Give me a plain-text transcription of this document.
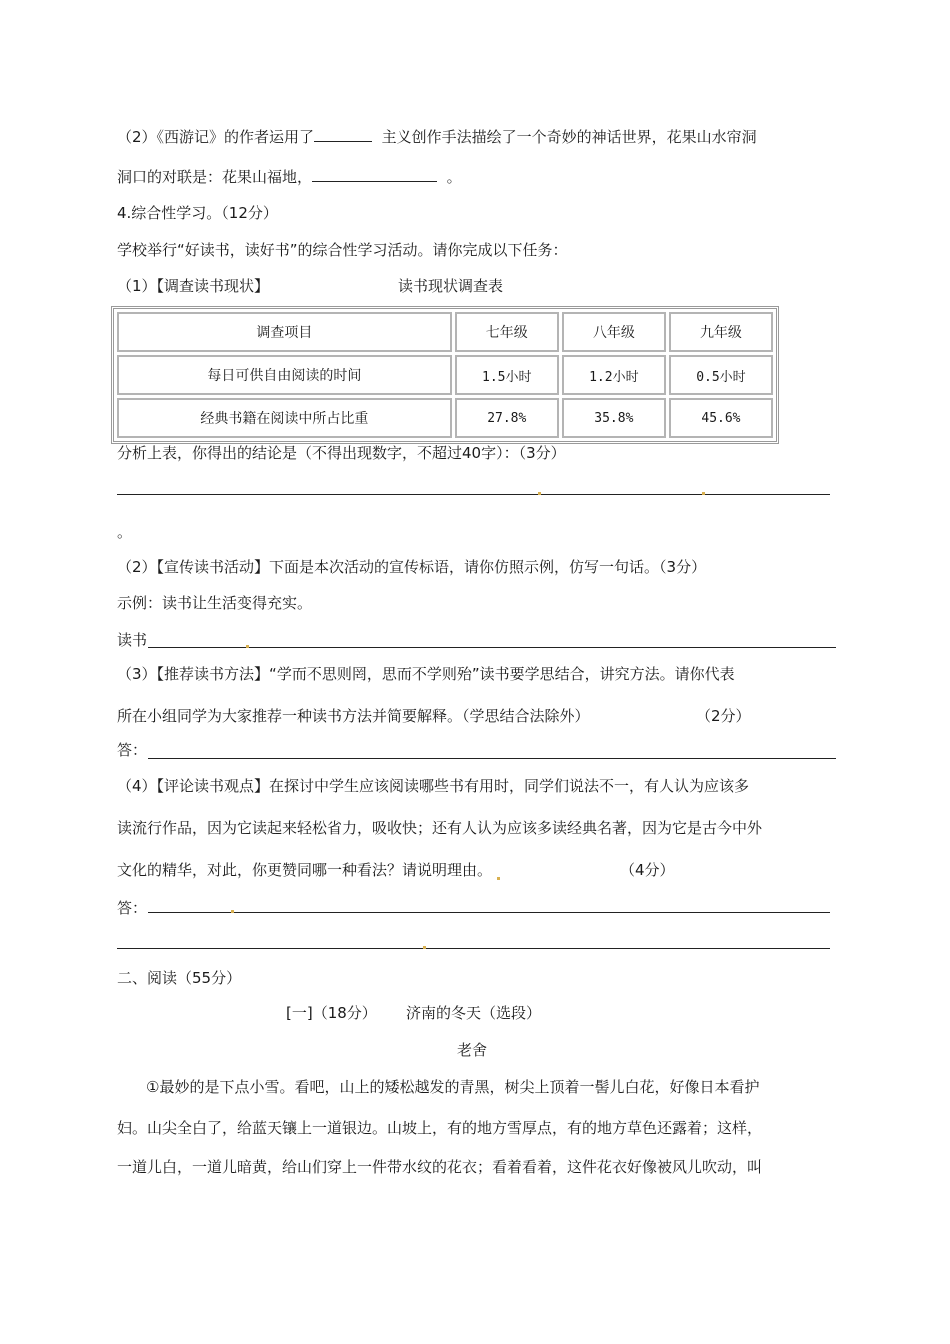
（2）《西游记》的作者运用了	主义创作手法描绘了一个奇妙的神话世界，花果山水帘洞
洞口的对联是：花果山福地，	。
4.综合性学习。（12分）
学校举行“好读书，读好书”的综合性学习活动。请你完成以下任务：
（1）【调查读书现状】	读书现状调查表
调查项目	七年级	八年级	九年级
每日可供自由阅读的时间	1.5小时	1.2小时	0.5小时
经典书籍在阅读中所占比重	27.8%	35.8%	45.6%
分析上表，你得出的结论是（不得出现数字，不超过40字）：（3分）
。
（2）【宣传读书活动】下面是本次活动的宣传标语，请你仿照示例，仿写一句话。（3分）
示例：读书让生活变得充实。
读书
（3）【推荐读书方法】“学而不思则罔，思而不学则殆”读书要学思结合，讲究方法。请你代表
所在小组同学为大家推荐一种读书方法并简要解释。（学思结合法除外）	（2分）
答：
（4）【评论读书观点】在探讨中学生应该阅读哪些书有用时，同学们说法不一，有人认为应该多
读流行作品，因为它读起来轻松省力，吸收快；还有人认为应该多读经典名著，因为它是古今中外
文化的精华，对此，你更赞同哪一种看法？请说明理由。	（4分）
答：
二、阅读（55分）
[一]（18分） 济南的冬天（选段）
老舍
①最妙的是下点小雪。看吧，山上的矮松越发的青黑，树尖上顶着一髻儿白花，好像日本看护
妇。山尖全白了，给蓝天镶上一道银边。山坡上，有的地方雪厚点，有的地方草色还露着；这样，
一道儿白，一道儿暗黄，给山们穿上一件带水纹的花衣；看着看着，这件花衣好像被风儿吹动，叫
